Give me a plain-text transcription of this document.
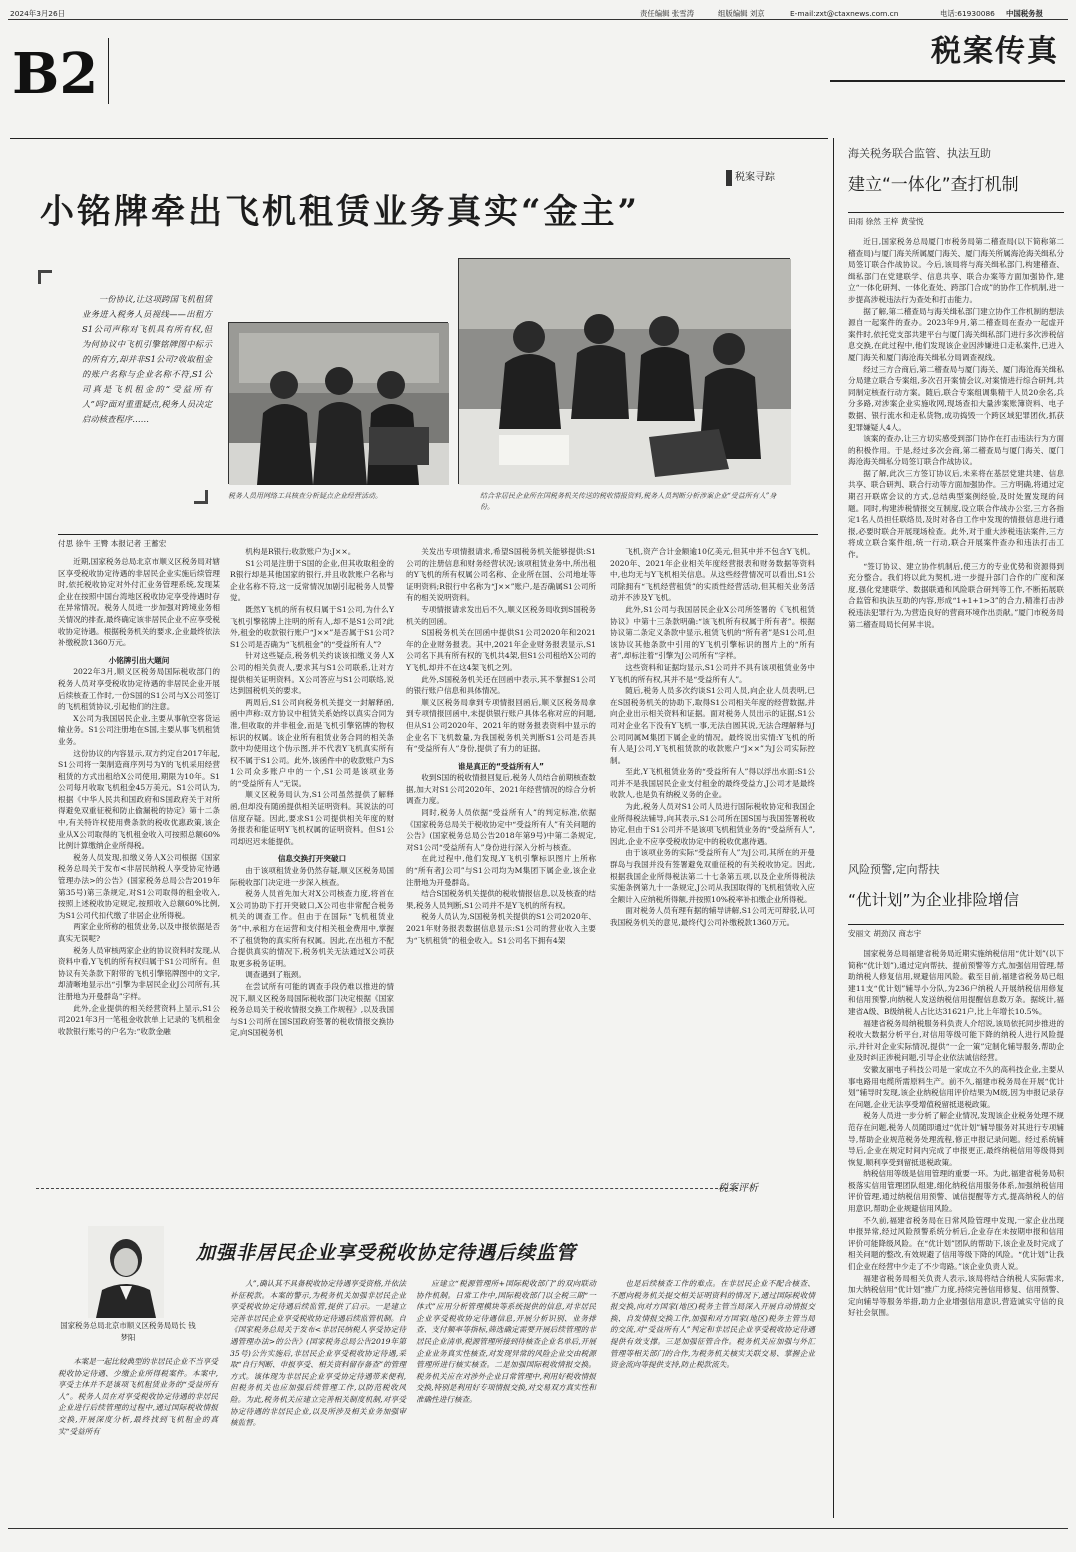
2024年3月26日	责任编辑 张雪涛	组版编辑 刘京	E-mail:zxt@ctaxnews.com.cn	电话:61930086 中国税务报
B2	税案传真
小铭牌牵出飞机租赁业务真实“金主”
税案寻踪
一份协议,让这项跨国飞机租赁业务进入税务人员视线——出租方S1公司声称对飞机具有所有权,但为何协议中飞机引擎铭牌图中标示的所有方,却并非S1公司?收取租金的账户名称与企业名称不符,S1公司真是飞机租金的“受益所有人”吗?面对重重疑点,税务人员决定启动核查程序……
税务人员用网络工具核查分析疑点企业经营活动。	结合非居民企业所在国税务机关传送的税收情报资料,税务人员判断分析涉案企业“受益所有人”身份。
付思 徐牛 王臀 本报记者 王蓄宏

近期,国家税务总局北京市顺义区税务局对辖区享受税收协定待遇的非居民企业实施后续管理时,依托税收协定对外付汇业务管理系统,发现某企业在按照中国台湾地区税收协定享受待遇时存在异常情况。税务人员进一步加强对跨境业务相关情况的排查,最终确定该非居民企业不应享受税收协定待遇。根据税务机关的要求,企业最终依法补缴税款1360万元。

小铭牌引出大题问

2022年3月,顺义区税务局国际税收部门的税务人员对享受税收协定待遇的非居民企业开展后续核查工作时,一份S国的S1公司与X公司签订的飞机租赁协议,引起他们的注意。

X公司为我国居民企业,主要从事航空客货运输业务。S1公司注册地在S国,主要从事飞机租赁业务。

这份协议的内容显示,双方约定自2017年起,S1公司将一架制造商序列号为Y的飞机采用经营租赁的方式出租给X公司使用,期限为10年。S1公司每月收取飞机租金45万美元。S1公司认为,根据《中华人民共和国政府和S国政府关于对所得避免双重征税和防止偷漏税的协定》第十二条中,有关特许权使用费条款的税收优惠政策,该企业从X公司取得的飞机租金收入可按照总额60%比例计算缴纳企业所得税。

税务人员发现,扣缴义务人X公司根据《国家税务总局关于发布<非居民纳税人享受协定待遇管理办法>的公告》(国家税务总局公告2019年第35号)第三条规定,对S1公司取得的租金收入,按照上述税收协定规定,按照收入总额60%比例,为S1公司代扣代缴了非居企业所得税。

两家企业所称的租赁业务,以及申报依据是否真实无误呢?

税务人员审核两家企业的协议资料时发现,从资料中看,Y飞机的所有权归属于S1公司所有。但协议有关条款下附带的飞机引擎铭牌图中的文字,却清晰地显示出“引擎为非居民企业J公司所有,其注册地为开曼群岛”字样。

此外,企业提供的相关经营资料上显示,S1公司2021年3月一笔租金收款单上记录的飞机租金收款银行账号的户名为:“收款金融

机构是R银行;收款账户为:J××。

S1公司是注册于S国的企业,但其收取租金的R银行却是其他国家的银行,并且收款账户名称与企业名称不符,这一反常情况加剧引起税务人员警觉。

既然Y飞机的所有权归属于S1公司,为什么Y飞机引擎铭牌上注明的所有人,却不是S1公司?此外,租金的收款银行账户“J××”是否属于S1公司?S1公司是否确为“飞机租金”的“受益所有人”?

针对这些疑点,税务机关约谈该扣缴义务人X公司的相关负责人,要求其与S1公司联系,让对方提供相关证明资料。X公司答应与S1公司联络,说达到国税机关的要求。

两周后,S1公司向税务机关提交一封解释函,函中声称:双方协议中租赁关系始终以真实合同为准,但收取的并非租金,而是飞机引擎铭牌的物权标识的权属。该企业所有租赁业务合同的相关条款中均使用这个伪示图,并不代表Y飞机真实所有权不属于S1公司。此外,该函件中的收款账户为S1公司众多账户中的一个,S1公司是该项业务的“受益所有人”无误。

顺义区税务局认为,S1公司虽然提供了解释函,但却没有随函提供相关证明资料。其说法的可信度存疑。因此,要求S1公司提供相关年度的财务报表和能证明Y飞机权属的证明资料。但S1公司却迟迟未能提供。

信息交换打开突破口

由于该项租赁业务仍然存疑,顺义区税务局国际税收部门决定进一步深入核查。

税务人员首先加大对X公司核查力度,将首在X公司协助下打开突破口,X公司也非常配合税务机关的调查工作。但由于在国际“飞机租赁业务”中,承租方在运营和支付相关租金费用中,掌握不了租赁物的真实所有权属。因此,在出租方不配合提供真实的情况下,税务机关无法通过X公司获取更多税务证明。

调查遇到了瓶颈。

在尝试所有可能的调查手段仍难以推进的情况下,顺义区税务局国际税收部门决定根据《国家税务总局关于税收情报交换工作规程》,以及我国与S1公司所在国S国政府签署的税收情报交换协定,向S国税务机

关发出专项情报请求,希望S国税务机关能够提供:S1公司的注册信息和财务经营状况;该项租赁业务中,所出租的Y飞机的所有权属公司名称、企业所在国、公司地址等证明资料;R银行中名称为“J××”账户,是否确属S1公司所有的相关说明资料。

专项情报请求发出后不久,顺义区税务局收到S国税务机关的回函。

S国税务机关在回函中提供S1公司2020年和2021年的企业财务报表。其中,2021年企业财务报表显示,S1公司名下具有所有权的飞机共4架,但S1公司租给X公司的Y飞机,却并不在这4架飞机之列。

此外,S国税务机关还在回函中表示,其不掌握S1公司的银行账户信息和具体情况。

顺义区税务局拿到专项情报回函后,顺义区税务局拿到专项情报回函中,未提供银行账户具体名称对应的问题,但从S1公司2020年、2021年的财务报表资料中显示的企业名下飞机数量,为我国税务机关判断S1公司是否具有“受益所有人”身份,提供了有力的证据。

谁是真正的“受益所有人”

收到S国的税收情报回复后,税务人员结合前期核查数据,加大对S1公司2020年、2021年经营情况的综合分析调查力度。

同时,税务人员依据“受益所有人”的判定标准,依据《国家税务总局关于税收协定中“受益所有人”有关问题的公告》(国家税务总局公告2018年第9号)中第二条规定,对S1公司“受益所有人”身份进行深入分析与核查。

在此过程中,他们发现,Y飞机引擎标识图片上所称的“所有者J公司”与S1公司均为M集团下属企业,该企业注册地为开曼群岛。

结合S国税务机关提供的税收情报信息,以及核查的结果,税务人员判断,S1公司并不是Y飞机的所有权。

税务人员认为,S国税务机关提供的S1公司2020年、2021年财务报表数据信息显示:S1公司的营业收入主要为“飞机租赁”的租金收入。S1公司名下拥有4架

飞机,资产合计金额逾10亿美元,但其中并不包含Y飞机。2020年、2021年企业相关年度经营报表和财务数据等资料中,也均无与Y飞机相关信息。从这些经营情况可以看出,S1公司除拥有“飞机经营租赁”的实质性经营活动,但其相关业务活动并不涉及Y飞机。

此外,S1公司与我国居民企业X公司所签署的《飞机租赁协议》中第十三条款明确:“该飞机所有权属于所有者”。根据协议第二条定义条款中显示,租赁飞机的“所有者”是S1公司,但该协议其他条款中引用的Y飞机引擎标识的图片上的“所有者”,却标注着“引擎为J公司所有”字样。

这些资料和证据均显示,S1公司并不具有该项租赁业务中Y飞机的所有权,其并不是“受益所有人”。

随后,税务人员多次约谈S1公司人员,向企业人员表明,已在S国税务机关的协助下,取得S1公司相关年度的经营数据,并向企业出示相关资料和证据。面对税务人员出示的证据,S1公司对企业名下没有Y飞机一事,无法自圆其说,无法合理解释与J公司同属M集团下属企业的情况。最终说出实情:Y飞机的所有人是J公司,Y飞机租赁款的收款账户“J××”为J公司实际控制。

至此,Y飞机租赁业务的“受益所有人”得以浮出水面:S1公司并不是我国居民企业支付租金的最终受益方,J公司才是最终收款人,也是负有纳税义务的企业。

为此,税务人员对S1公司人员进行国际税收协定和我国企业所得税法辅导,向其表示,S1公司所在国S国与我国签署税收协定,但由于S1公司并不是该项飞机租赁业务的“受益所有人”,因此,企业不应享受税收协定中的税收优惠待遇。

由于该项业务的实际“受益所有人”为J公司,其所在的开曼群岛与我国并没有签署避免双重征税的有关税收协定。因此,根据我国企业所得税法第二十七条第五项,以及企业所得税法实施条例第九十一条规定,J公司从我国取得的飞机租赁收入应全额计入应纳税所得额,并按照10%税率补扣缴企业所得税。

面对税务人员有理有据的辅导讲解,S1公司无可辩驳,认可我国税务机关的意见,最终代J公司补缴税款1360万元。

税案评析
国家税务总局北京市顺义区税务局局长 钱梦阳
加强非居民企业享受税收协定待遇后续监管

本案是一起比较典型的非居民企业不当享受税收协定待遇、少缴企业所得税案件。本案中,享受主体并不是该项飞机租赁业务的“受益所有人”。税务人员在对享受税收协定待遇的非居民企业进行后续管理的过程中,通过国际税收情报交换,开展深度分析,最终找到飞机租金的真实“受益所有

人”,确认其不具备税收协定待遇享受资格,并依法补征税款。本案的警示,为税务机关加强非居民企业享受税收协定待遇后续监管,提供了启示。一是建立完善非居民企业享受税收协定待遇后续监管机制。自《国家税务总局关于发布<非居民纳税人享受协定待遇管理办法>的公告》(国家税务总局公告2019年第35号)公告实施后,非居民企业享受税收协定待遇,采取“自行判断、申报享受、相关资料留存备查”的管理方式。该体现为非居民企业享受协定待遇带来便利,但税务机关也应加强后续管理工作,以防范税收风险。为此,税务机关应建立完善相关制度机制,对享受协定待遇的非居民企业,以及所涉及相关业务加强审核监督。

应建立“税源管理所+国际税收部门”的双向联动协作机制。日常工作中,国际税收部门以全税三期“一体式”应用分析管理模块等系统提供的信息,对非居民企业享受税收协定待遇信息,开展分析识别、业务排查、支付频率等指标,筛选确定需要开展后续管理的非居民企业清单,税源管理所接到待核查企业名单后,开展企业业务真实性核查,对发现异常的风险企业交由税源管理所进行核实核查。二是加强国际税收情报交换。税务机关应在对涉外企业日常管理中,利用好税收情报交换,特别是利用好专项情报交换,对交易双方真实性和准确性进行核查。

也是后续核查工作的难点。在非居民企业不配合核查、不愿向税务机关提交相关证明资料的情况下,通过国际税收情报交换,向对方国家(地区)税务主管当局深入开展自动情报交换、自发情报交换工作,加强和对方国家(地区)税务主管当局的交流,对“受益所有人”判定和非居民企业享受税收协定待遇提供有效支撑。三是加强征管合作。税务机关应加强与外汇管理等相关部门的合作,为税务机关核实关联交易、掌握企业资金流向等提供支持,防止税款流失。

海关税务联合监管、执法互助
建立“一体化”查打机制
田雨 徐然 王梓 黄莹悦

近日,国家税务总局厦门市税务局第二稽查局(以下简称第二稽查局)与厦门海关所属厦门海关、厦门海关所属海沧海关缉私分局签订联合作战协议。今后,该局将与海关缉私部门,构建稽查、缉私部门在党建联学、信息共享、联合办案等方面加强协作,建立“一体化研判、一体化查处、跨部门合成”的协作工作机制,进一步提高涉税违法行为查处和打击能力。

据了解,第二稽查局与海关缉私部门建立协作工作机制的想法源自一起案件的查办。2023年9月,第二稽查局在查办一起虚开案件时,依托党支部共建平台与厦门海关缉私部门进行多次涉税信息交换,在此过程中,他们发现该企业因涉嫌进口走私案件,已进入厦门海关和厦门海沧海关缉私分局调查视线。

经过三方合商后,第二稽查局与厦门海关、厦门海沧海关缉私分局建立联合专案组,多次召开案情会议,对案情进行综合研判,共同制定核查行动方案。随后,联合专案组调集精干人员20余名,兵分多路,对涉案企业实施收网,现场查扣大量涉案账簿资料、电子数据、银行流水和走私货物,成功捣毁一个跨区域犯罪团伙,抓获犯罪嫌疑人4人。

该案的查办,让三方切实感受到部门协作在打击违法行为方面的积极作用。于是,经过多次会商,第二稽查局与厦门海关、厦门海沧海关缉私分局签订联合作战协议。

据了解,此次三方签订协议后,未来将在基层党建共建、信息共享、联合研判、联合行动等方面加强协作。三方明确,将通过定期召开联席会议的方式,总结典型案例经验,及时处置发现的问题。同时,构建涉税情报交互制度,设立联合作战办公室,三方各指定1名人员担任联络员,及时对各自工作中发现的情报信息进行通报,必要时联合开展现场检查。此外,对于重大涉税违法案件,三方将成立联合案件组,统一行动,联合开展案件查办和违法打击工作。

“签订协议、建立协作机制后,使三方的专业优势和资源得到充分整合。我们将以此为契机,进一步提升部门合作的广度和深度,强化党建联学、数据联通和风险联合研判等工作,不断拓展联合监管和执法互助的内容,形成“1+1+1>3”的合力,精准打击涉税违法犯罪行为,为营造良好的营商环境作出贡献。”厦门市税务局第二稽查局局长何昇丰说。

风险预警,定向帮扶
“优计划”为企业排险增信
安丽文 胡劲汉 商志宇

国家税务总局福建省税务局近期实施纳税信用“优计划”(以下简称“优计划”),通过定向帮扶、提前预警等方式,加强信用管理,帮助纳税人修复信用,规避信用风险。截至目前,福建省税务局已组建11支“优计划”辅导小分队,为236户纳税人开展纳税信用修复和信用预警,向纳税人发送纳税信用提醒信息数万条。据统计,福建省A级、B级纳税人占比达31621户,比上年增长10.5%。

福建省税务局纳税服务科负责人介绍说,该局依托同步推进的税收大数据分析平台,对信用等级可能下降的纳税人进行风险提示,并针对企业实际情况,提供“一企一策”定制化辅导服务,帮助企业及时纠正涉税问题,引导企业依法诚信经营。

安徽友丽电子科技公司是一家成立不久的高科技企业,主要从事电路用电缆所需原料生产。前不久,福建市税务局在开展“优计划”辅导时发现,该企业纳税信用评价结果为M级,因为申报记录存在问题,企业无法享受增值税留抵退税政策。

税务人员进一步分析了解企业情况,发现该企业税务处理不规范存在问题,税务人员随即通过“优计划”辅导服务对其进行专项辅导,帮助企业规范税务处理流程,修正申报记录问题。经过系统辅导后,企业在规定时间内完成了申报更正,最终纳税信用等级得到恢复,顺利享受到留抵退税政策。

纳税信用等级是信用管理的重要一环。为此,福建省税务局积极落实信用管理团队组建,细化纳税信用服务体系,加强纳税信用评价管理,通过纳税信用预警、诚信提醒等方式,提高纳税人的信用意识,帮助企业规避信用风险。

不久前,福建省税务局在日常风险管理中发现,一家企业出现申报异常,经过风险预警系统分析后,企业存在未按期申报和信用评价可能降级风险。在“优计划”团队的帮助下,该企业及时完成了相关问题的整改,有效规避了信用等级下降的风险。“优计划”让我们企业在经营中少走了不少弯路。”该企业负责人说。

福建省税务局相关负责人表示,该局将结合纳税人实际需求,加大纳税信用“优计划”推广力度,持续完善信用修复、信用预警、定向辅导等服务举措,助力企业增强信用意识,营造诚实守信的良好社会氛围。
